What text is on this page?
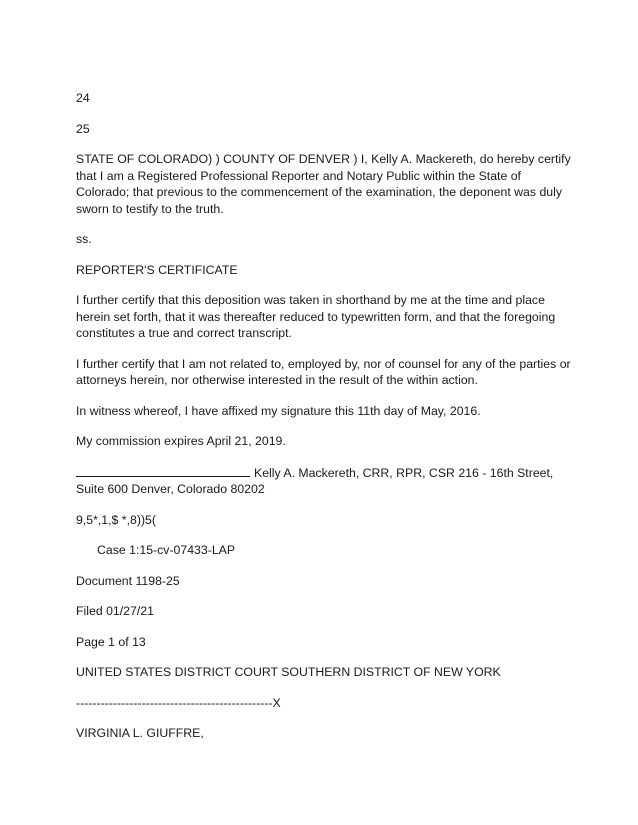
24

25

STATE OF COLORADO) ) COUNTY OF DENVER ) I, Kelly A. Mackereth, do hereby certify that I am a Registered Professional Reporter and Notary Public within the State of Colorado; that previous to the commencement of the examination, the deponent was duly sworn to testify to the truth.

ss.

REPORTER'S CERTIFICATE

I further certify that this deposition was taken in shorthand by me at the time and place herein set forth, that it was thereafter reduced to typewritten form, and that the foregoing constitutes a true and correct transcript.

I further certify that I am not related to, employed by, nor of counsel for any of the parties or attorneys herein, nor otherwise interested in the result of the within action.

In witness whereof, I have affixed my signature this 11th day of May, 2016.

My commission expires April 21, 2019.

Kelly A. Mackereth, CRR, RPR, CSR 216 - 16th Street, Suite 600 Denver, Colorado 80202

9,5*,1,$ *,8))5(

Case 1:15-cv-07433-LAP

Document 1198-25

Filed 01/27/21

Page 1 of 13

UNITED STATES DISTRICT COURT SOUTHERN DISTRICT OF NEW YORK

------------------------------------------------X

VIRGINIA L. GIUFFRE,
